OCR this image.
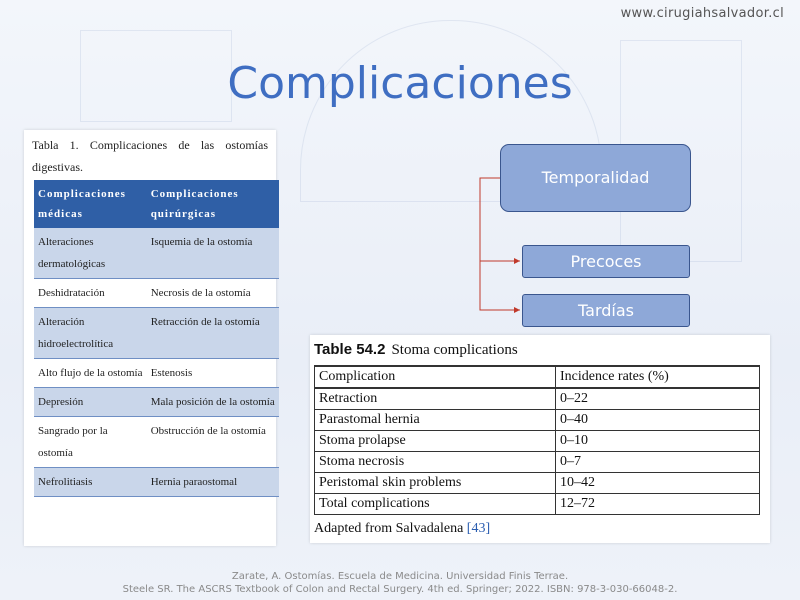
www.cirugiahsalvador.cl
Complicaciones
Tabla 1. Complicaciones de las ostomías digestivas.
Complicaciones médicas	Complicaciones quirúrgicas
Alteraciones dermatológicas	Isquemia de la ostomía
Deshidratación	Necrosis de la ostomía
Alteración hidroelectrolítica	Retracción de la ostomía
Alto flujo de la ostomía	Estenosis
Depresión	Mala posición de la ostomía
Sangrado por la ostomía	Obstrucción de la ostomía
Nefrolitiasis	Hernia paraostomal
Temporalidad
Precoces
Tardías
Table 54.2 Stoma complications
Complication	Incidence rates (%)
Retraction	0–22
Parastomal hernia	0–40
Stoma prolapse	0–10
Stoma necrosis	0–7
Peristomal skin problems	10–42
Total complications	12–72
Adapted from Salvadalena [43]
Zarate, A. Ostomías. Escuela de Medicina. Universidad Finis Terrae.
Steele SR. The ASCRS Textbook of Colon and Rectal Surgery. 4th ed. Springer; 2022. ISBN: 978-3-030-66048-2.
